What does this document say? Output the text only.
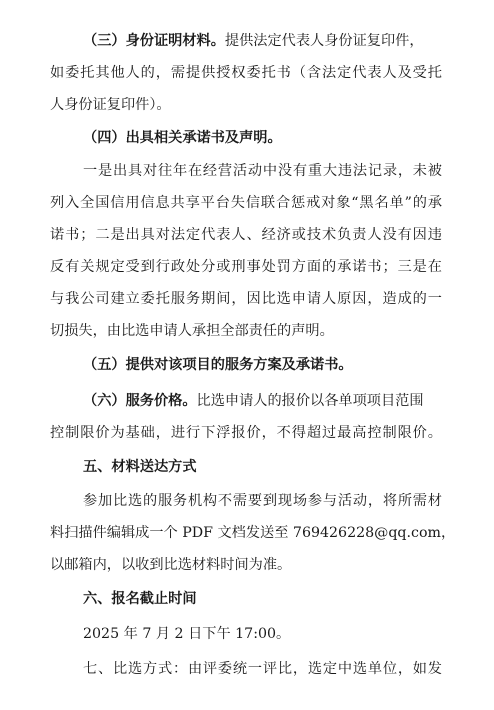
（三）身份证明材料。提供法定代表人身份证复印件，
如委托其他人的，需提供授权委托书（含法定代表人及受托
人身份证复印件）。
（四）出具相关承诺书及声明。
一是出具对往年在经营活动中没有重大违法记录，未被
列入全国信用信息共享平台失信联合惩戒对象“黑名单”的承
诺书；二是出具对法定代表人、经济或技术负责人没有因违
反有关规定受到行政处分或刑事处罚方面的承诺书；三是在
与我公司建立委托服务期间，因比选申请人原因，造成的一
切损失，由比选申请人承担全部责任的声明。
（五）提供对该项目的服务方案及承诺书。
（六）服务价格。比选申请人的报价以各单项项目范围
控制限价为基础，进行下浮报价，不得超过最高控制限价。
五、材料送达方式
参加比选的服务机构不需要到现场参与活动，将所需材
料扫描件编辑成一个 PDF 文档发送至 769426228@qq.com，
以邮箱内，以收到比选材料时间为准。
六、报名截止时间
2025 年 7 月 2 日下午 17:00。
七、比选方式：由评委统一评比，选定中选单位，如发
